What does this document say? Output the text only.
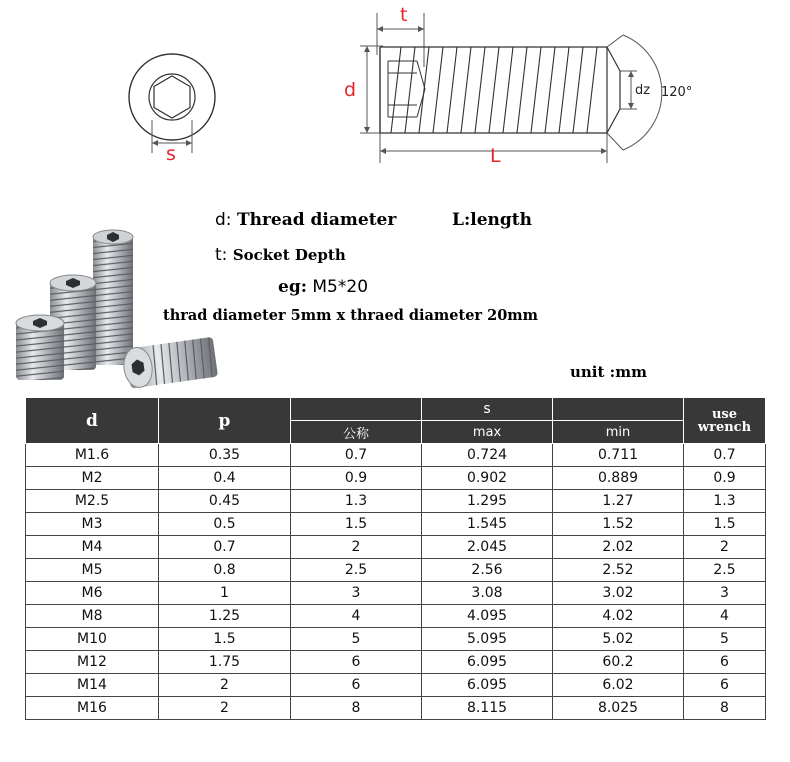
s
t
d
L
dz 120°
d: Thread diameter	L:length
t: Socket Depth
eg: M5*20
thrad diameter 5mm x thraed diameter 20mm
unit :mm
d	p		s		use
wrench

		公称	max	min	
M1.6	0.35	0.7	0.724	0.711	0.7
M2	0.4	0.9	0.902	0.889	0.9
M2.5	0.45	1.3	1.295	1.27	1.3
M3	0.5	1.5	1.545	1.52	1.5
M4	0.7	2	2.045	2.02	2
M5	0.8	2.5	2.56	2.52	2.5
M6	1	3	3.08	3.02	3
M8	1.25	4	4.095	4.02	4
M10	1.5	5	5.095	5.02	5
M12	1.75	6	6.095	60.2	6
M14	2	6	6.095	6.02	6
M16	2	8	8.115	8.025	8
